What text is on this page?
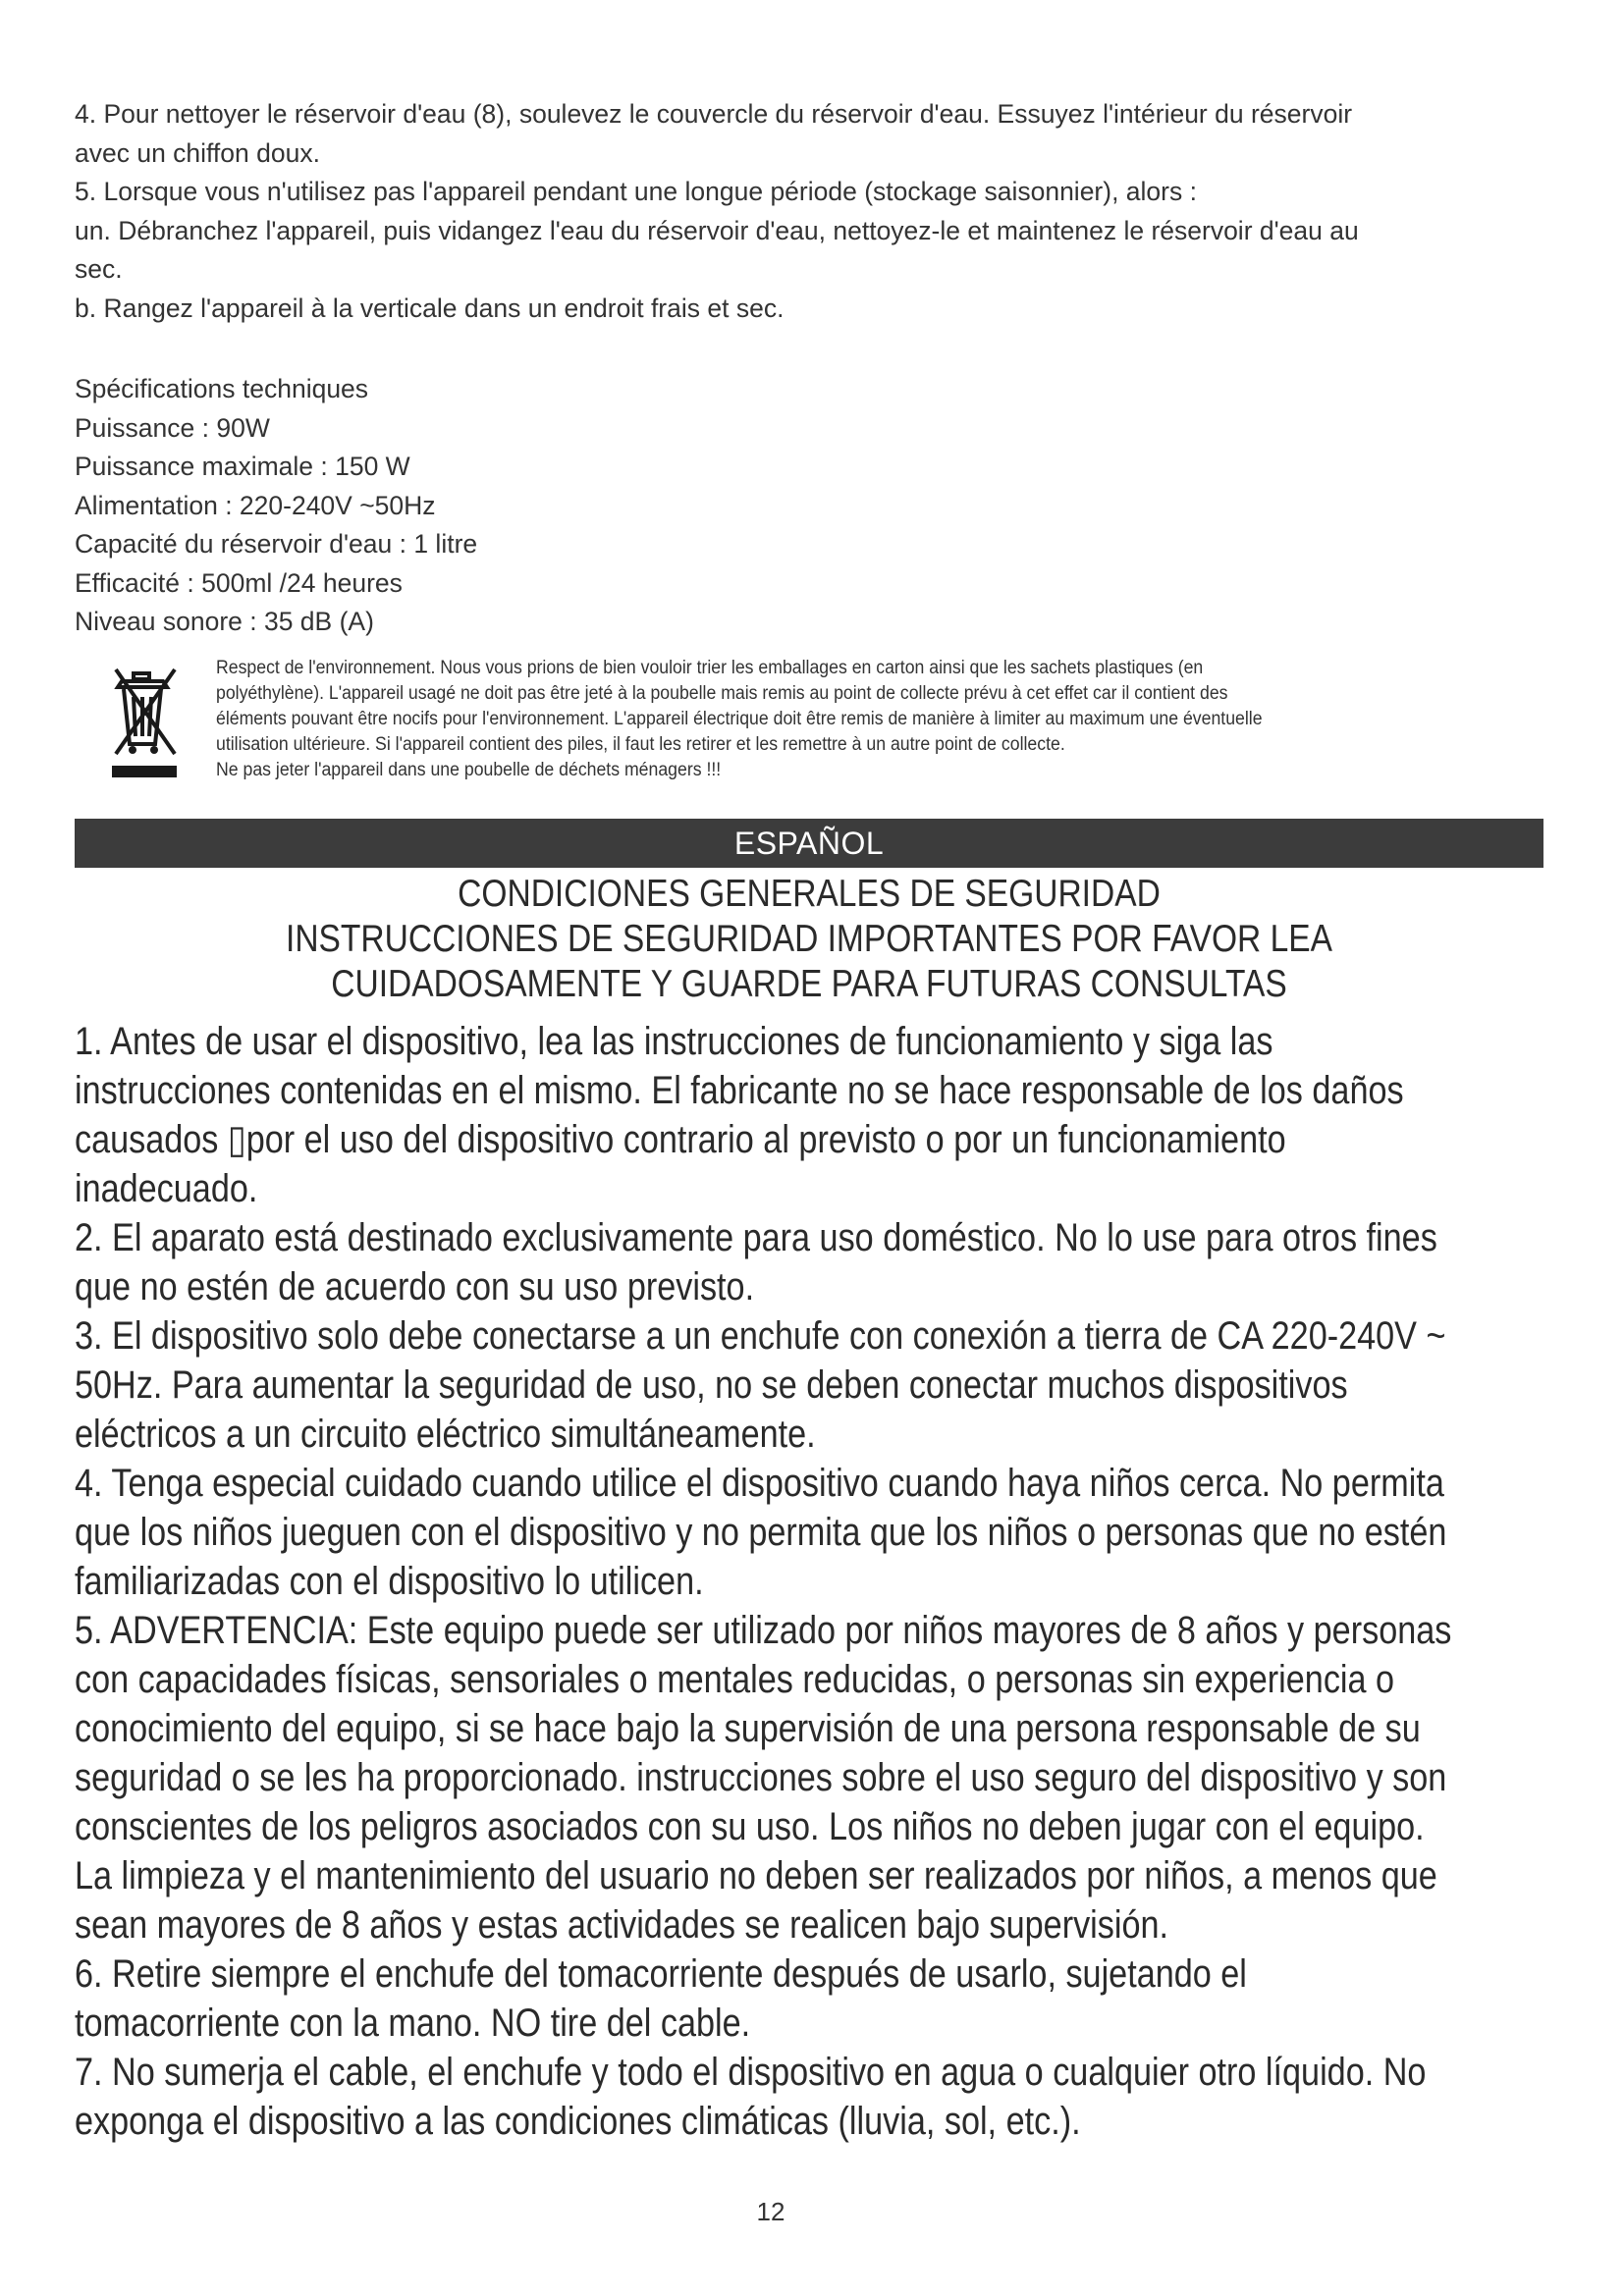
4. Pour nettoyer le réservoir d'eau (8), soulevez le couvercle du réservoir d'eau. Essuyez l'intérieur du réservoir

avec un chiffon doux.

5. Lorsque vous n'utilisez pas l'appareil pendant une longue période (stockage saisonnier), alors :

un. Débranchez l'appareil, puis vidangez l'eau du réservoir d'eau, nettoyez-le et maintenez le réservoir d'eau au

sec.

b. Rangez l'appareil à la verticale dans un endroit frais et sec.

Spécifications techniques

Puissance : 90W

Puissance maximale : 150 W

Alimentation : 220-240V ~50Hz

Capacité du réservoir d'eau : 1 litre

Efficacité : 500ml /24 heures

Niveau sonore : 35 dB (A)

Respect de l'environnement. Nous vous prions de bien vouloir trier les emballages en carton ainsi que les sachets plastiques (en

polyéthylène). L'appareil usagé ne doit pas être jeté à la poubelle mais remis au point de collecte prévu à cet effet car il contient des

éléments pouvant être nocifs pour l'environnement. L'appareil électrique doit être remis de manière à limiter au maximum une éventuelle

utilisation ultérieure. Si l'appareil contient des piles, il faut les retirer et les remettre à un autre point de collecte.

Ne pas jeter l'appareil dans une poubelle de déchets ménagers !!!

ESPAÑOL

CONDICIONES GENERALES DE SEGURIDAD

INSTRUCCIONES DE SEGURIDAD IMPORTANTES POR FAVOR LEA

CUIDADOSAMENTE Y GUARDE PARA FUTURAS CONSULTAS

1. Antes de usar el dispositivo, lea las instrucciones de funcionamiento y siga las

instrucciones contenidas en el mismo. El fabricante no se hace responsable de los daños

causados ▯por el uso del dispositivo contrario al previsto o por un funcionamiento

inadecuado.

2. El aparato está destinado exclusivamente para uso doméstico. No lo use para otros fines

que no estén de acuerdo con su uso previsto.

3. El dispositivo solo debe conectarse a un enchufe con conexión a tierra de CA 220-240V ~

50Hz. Para aumentar la seguridad de uso, no se deben conectar muchos dispositivos

eléctricos a un circuito eléctrico simultáneamente.

4. Tenga especial cuidado cuando utilice el dispositivo cuando haya niños cerca. No permita

que los niños jueguen con el dispositivo y no permita que los niños o personas que no estén

familiarizadas con el dispositivo lo utilicen.

5. ADVERTENCIA: Este equipo puede ser utilizado por niños mayores de 8 años y personas

con capacidades físicas, sensoriales o mentales reducidas, o personas sin experiencia o

conocimiento del equipo, si se hace bajo la supervisión de una persona responsable de su

seguridad o se les ha proporcionado. instrucciones sobre el uso seguro del dispositivo y son

conscientes de los peligros asociados con su uso. Los niños no deben jugar con el equipo.

La limpieza y el mantenimiento del usuario no deben ser realizados por niños, a menos que

sean mayores de 8 años y estas actividades se realicen bajo supervisión.

6. Retire siempre el enchufe del tomacorriente después de usarlo, sujetando el

tomacorriente con la mano. NO tire del cable.

7. No sumerja el cable, el enchufe y todo el dispositivo en agua o cualquier otro líquido. No

exponga el dispositivo a las condiciones climáticas (lluvia, sol, etc.).

12
